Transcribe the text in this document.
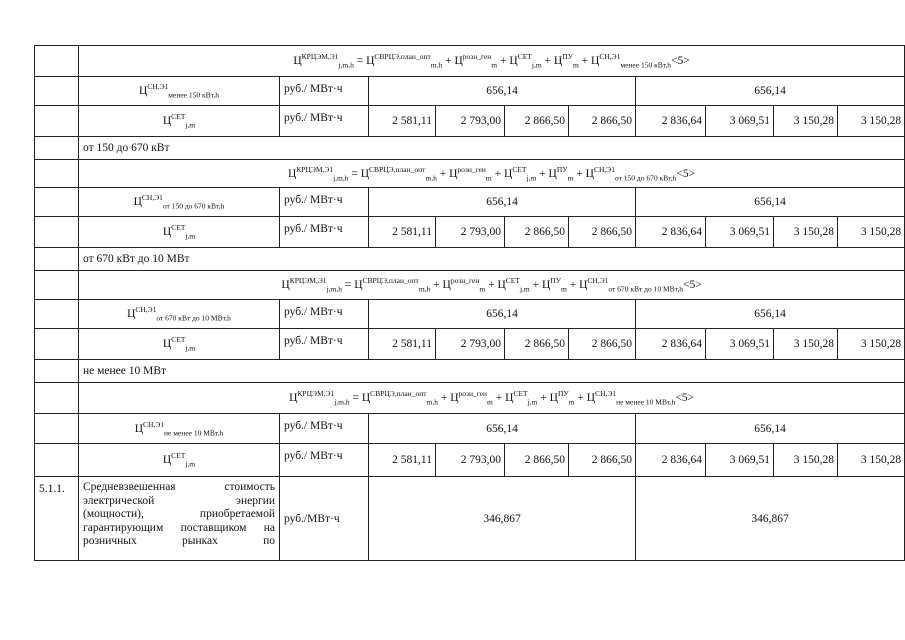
	$Ц^{КРЦЭМ,Э1}_{j,m,h} = Ц^{СВРЦЭ,план\_опт}_{m,h} + Ц^{розн\_ген}_m + Ц^{СЕТ}_{j,m} + Ц^{ПУ}_m + Ц^{СН,Э1}_{менее 150 кВт,h}<5>$									
	$Ц^{СН,Э1}_{менее 150 кВт,h}$	руб./ МВт·ч	656,14				656,14			
	$Ц^{СЕТ}_{j,m}$	руб./ МВт·ч	2 581,11	2 793,00	2 866,50	2 866,50	2 836,64	3 069,51	3 150,28	3 150,28
	от 150 до 670 кВт									
	$Ц^{КРЦЭМ,Э1}_{j,m,h} = Ц^{СВРЦЭ,план\_опт}_{m,h} + Ц^{розн\_ген}_m + Ц^{СЕТ}_{j,m} + Ц^{ПУ}_m + Ц^{СН,Э1}_{от 150 до 670 кВт,h}<5>$									
	$Ц^{СН,Э1}_{от 150 до 670 кВт,h}$	руб./ МВт·ч	656,14				656,14			
	$Ц^{СЕТ}_{j,m}$	руб./ МВт·ч	2 581,11	2 793,00	2 866,50	2 866,50	2 836,64	3 069,51	3 150,28	3 150,28
	от 670 кВт до 10 МВт									
	$Ц^{КРЦЭМ,Э1}_{j,m,h} = Ц^{СВРЦЭ,план\_опт}_{m,h} + Ц^{розн\_ген}_m + Ц^{СЕТ}_{j,m} + Ц^{ПУ}_m + Ц^{СН,Э1}_{от 670 кВт до 10 МВт,h}<5>$									
	$Ц^{СН,Э1}_{от 670 кВт до 10 МВт,h}$	руб./ МВт·ч	656,14				656,14			
	$Ц^{СЕТ}_{j,m}$	руб./ МВт·ч	2 581,11	2 793,00	2 866,50	2 866,50	2 836,64	3 069,51	3 150,28	3 150,28
	не менее 10 МВт									
	$Ц^{КРЦЭМ,Э1}_{j,m,h} = Ц^{СВРЦЭ,план\_опт}_{m,h} + Ц^{розн\_ген}_m + Ц^{СЕТ}_{j,m} + Ц^{ПУ}_m + Ц^{СН,Э1}_{не менее 10 МВт,h}<5>$									
	$Ц^{СН,Э1}_{не менее 10 МВт,h}$	руб./ МВт·ч	656,14				656,14			
	$Ц^{СЕТ}_{j,m}$	руб./ МВт·ч	2 581,11	2 793,00	2 866,50	2 866,50	2 836,64	3 069,51	3 150,28	3 150,28
5.1.1.	Средневзвешенная стоимость
электрической энергии
(мощности), приобретаемой
гарантирующим поставщиком на
розничных рынках по	руб./МВт·ч	346,867				346,867			
